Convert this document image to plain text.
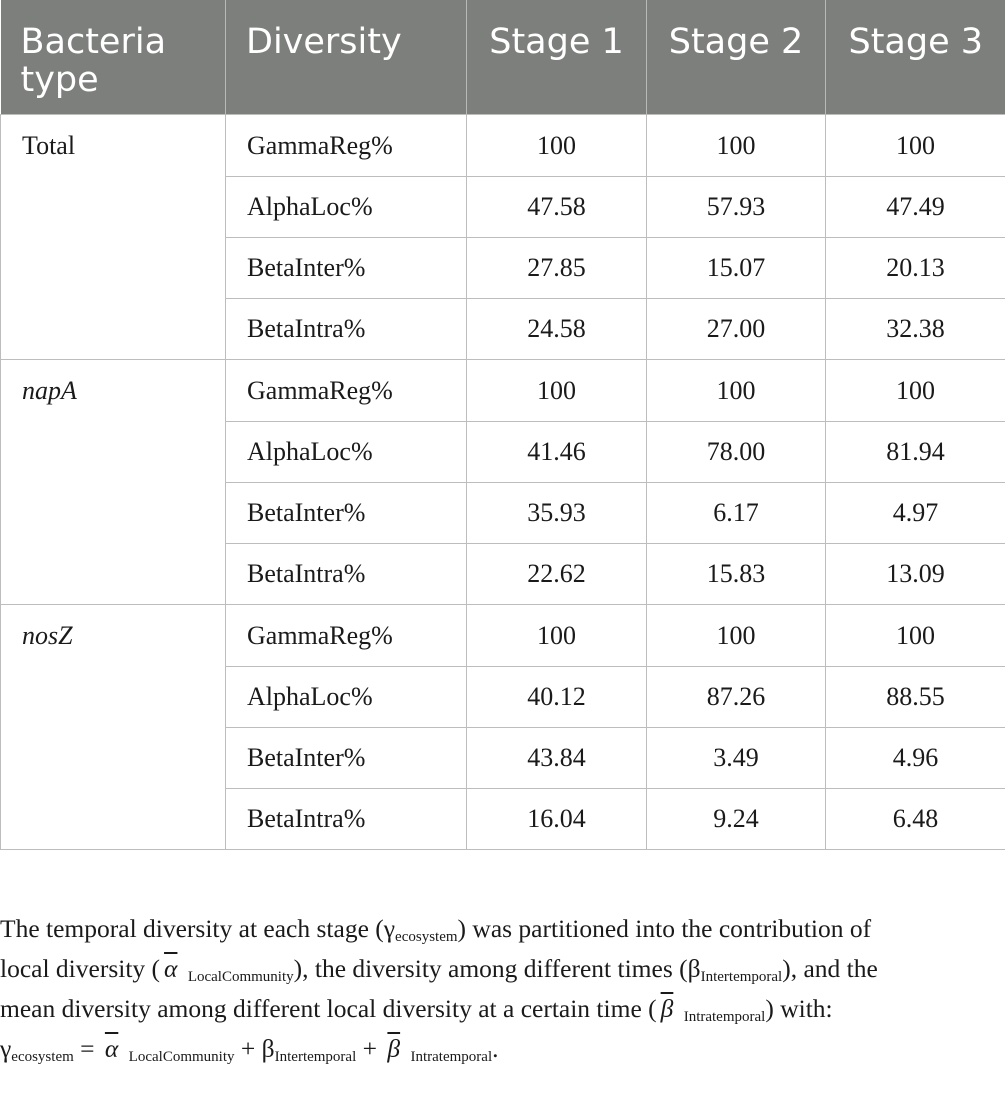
Bacteria type	Diversity	Stage 1	Stage 2	Stage 3
Total	GammaReg%	100	100	100
	AlphaLoc%	47.58	57.93	47.49
	BetaInter%	27.85	15.07	20.13
	BetaIntra%	24.58	27.00	32.38
napA	GammaReg%	100	100	100
	AlphaLoc%	41.46	78.00	81.94
	BetaInter%	35.93	6.17	4.97
	BetaIntra%	22.62	15.83	13.09
nosZ	GammaReg%	100	100	100
	AlphaLoc%	40.12	87.26	88.55
	BetaInter%	43.84	3.49	4.96
	BetaIntra%	16.04	9.24	6.48

The temporal diversity at each stage $(\gamma_{ecosystem})$ was partitioned into the contribution of

local diversity ( $\overline{\alpha}$ $_{LocalCommunity}$), the diversity among different times $(\beta_{Intertemporal})$, and the

mean diversity among different local diversity at a certain time ( $\overline{\beta}$ $_{Intratemporal}$) with:

$\gamma_{ecosystem} = \overline{\alpha}$ $_{LocalCommunity} + \beta_{Intertemporal} + \overline{\beta}$ $_{Intratemporal}$.
